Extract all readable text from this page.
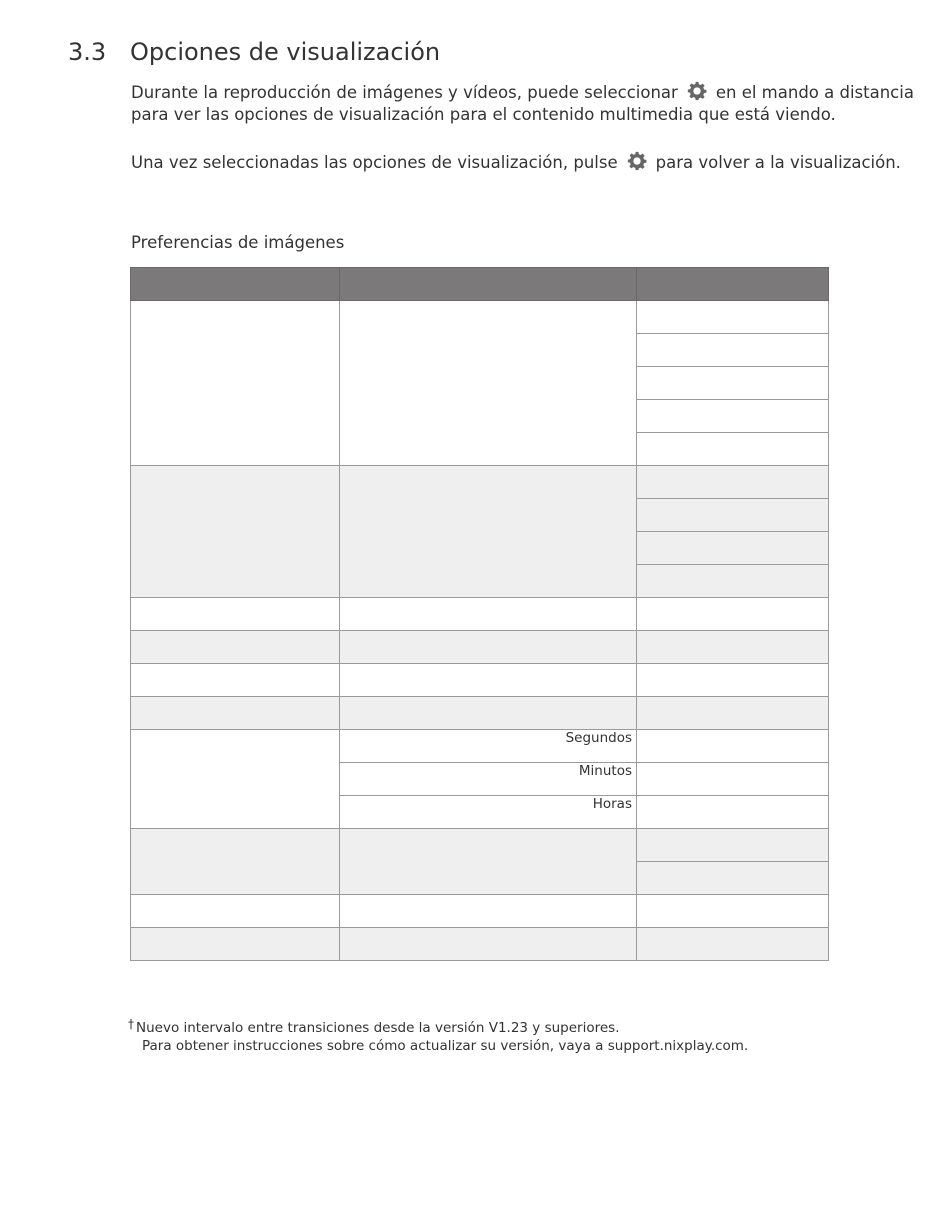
3.3 Opciones de visualización
Durante la reproducción de imágenes y vídeos, puede seleccionar en el mando a distancia
para ver las opciones de visualización para el contenido multimedia que está viendo.
Una vez seleccionadas las opciones de visualización, pulse para volver a la visualización.
Preferencias de imágenes

	Segundos	
	Minutos	
	Horas	

† Nuevo intervalo entre transiciones desde la versión V1.23 y superiores.
Para obtener instrucciones sobre cómo actualizar su versión, vaya a support.nixplay.com.
